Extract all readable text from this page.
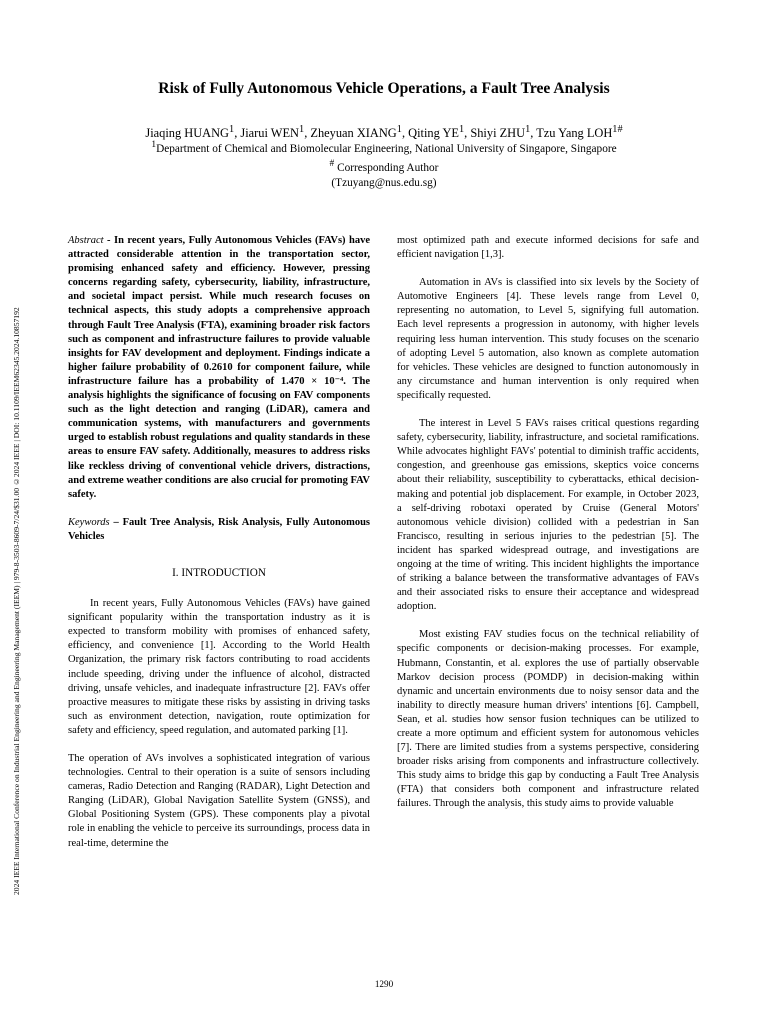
2024 IEEE International Conference on Industrial Engineering and Engineering Management (IEEM) | 979-8-3503-8609-7/24/$31.00 ©2024 IEEE | DOI: 10.1109/IEEM62345.2024.10857192
Risk of Fully Autonomous Vehicle Operations, a Fault Tree Analysis
Jiaqing HUANG$^1$, Jiarui WEN$^1$, Zheyuan XIANG$^1$, Qiting $YE^1$, Shiyi ZHU$^1$, Tzu Yang $LOH^{1\#}$
$^1$Department of Chemical and Biomolecular Engineering, National University of Singapore, Singapore
# Corresponding Author
(Tzuyang@nus.edu.sg)

Abstract - In recent years, Fully Autonomous Vehicles (FAVs) have attracted considerable attention in the transportation sector, promising enhanced safety and efficiency. However, pressing concerns regarding safety, cybersecurity, liability, infrastructure, and societal impact persist. While much research focuses on technical aspects, this study adopts a comprehensive approach through Fault Tree Analysis (FTA), examining broader risk factors such as component and infrastructure failures to provide valuable insights for FAV development and deployment. Findings indicate a higher failure probability of 0.2610 for component failure, while infrastructure failure has a probability of 1.470 × 10⁻⁴. The analysis highlights the significance of focusing on FAV components such as the light detection and ranging (LiDAR), camera and communication systems, with manufacturers and governments urged to establish robust regulations and quality standards in these areas to ensure FAV safety. Additionally, measures to address risks like reckless driving of conventional vehicle drivers, distractions, and extreme weather conditions are also crucial for promoting FAV safety.

Keywords – Fault Tree Analysis, Risk Analysis, Fully Autonomous Vehicles

I. INTRODUCTION

In recent years, Fully Autonomous Vehicles (FAVs) have gained significant popularity within the transportation industry as it is expected to transform mobility with promises of enhanced safety, efficiency, and convenience [1]. According to the World Health Organization, the primary risk factors contributing to road accidents include speeding, driving under the influence of alcohol, distracted driving, unsafe vehicles, and inadequate infrastructure [2]. FAVs offer proactive measures to mitigate these risks by assisting in driving tasks such as environment detection, navigation, route optimization for safety and efficiency, speed regulation, and automated parking [1].

The operation of AVs involves a sophisticated integration of various technologies. Central to their operation is a suite of sensors including cameras, Radio Detection and Ranging (RADAR), Light Detection and Ranging (LiDAR), Global Navigation Satellite System (GNSS), and Global Positioning System (GPS). These components play a pivotal role in enabling the vehicle to perceive its surroundings, process data in real-time, determine the

most optimized path and execute informed decisions for safe and efficient navigation [1,3].

Automation in AVs is classified into six levels by the Society of Automotive Engineers [4]. These levels range from Level 0, representing no automation, to Level 5, signifying full automation. Each level represents a progression in autonomy, with higher levels requiring less human intervention. This study focuses on the scenario of adopting Level 5 automation, also known as complete automation for vehicles. These vehicles are designed to function autonomously in any circumstance and human intervention is only required when specifically requested.

The interest in Level 5 FAVs raises critical questions regarding safety, cybersecurity, liability, infrastructure, and societal ramifications. While advocates highlight FAVs' potential to diminish traffic accidents, congestion, and greenhouse gas emissions, skeptics voice concerns about their reliability, susceptibility to cyberattacks, ethical decision-making and potential job displacement. For example, in October 2023, a self-driving robotaxi operated by Cruise (General Motors' autonomous vehicle division) collided with a pedestrian in San Francisco, resulting in serious injuries to the pedestrian [5]. The incident has sparked widespread outrage, and investigations are ongoing at the time of writing. This incident highlights the importance of striking a balance between the transformative advantages of FAVs and their associated risks to ensure their acceptance and widespread adoption.

Most existing FAV studies focus on the technical reliability of specific components or decision-making processes. For example, Hubmann, Constantin, et al. explores the use of partially observable Markov decision process (POMDP) in decision-making within dynamic and uncertain environments due to noisy sensor data and the inability to directly measure human drivers' intentions [6]. Campbell, Sean, et al. studies how sensor fusion techniques can be utilized to create a more optimum and efficient system for autonomous vehicles [7]. There are limited studies from a systems perspective, considering broader risks arising from components and infrastructure collectively. This study aims to bridge this gap by conducting a Fault Tree Analysis (FTA) that considers both component and infrastructure related failures. Through the analysis, this study aims to provide valuable

1290
